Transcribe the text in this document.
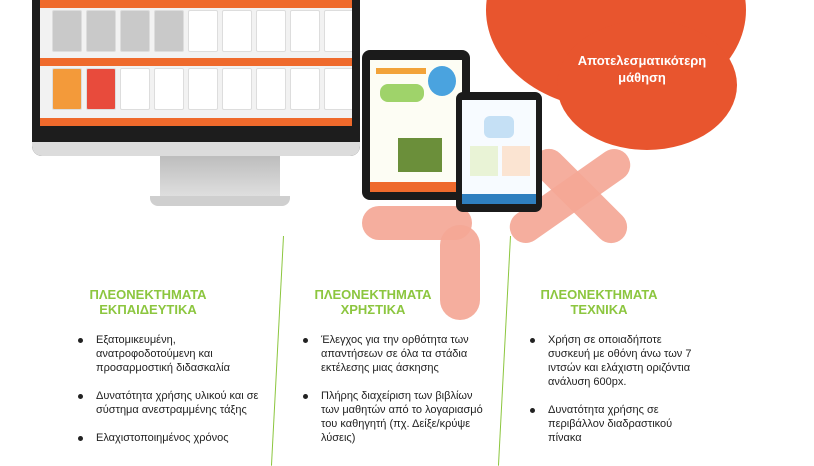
Αποτελεσματικότερη μάθηση
ΠΛΕΟΝΕΚΤΗΜΑΤΑ
ΕΚΠΑΙΔΕΥΤΙΚΑ
Εξατομικευμένη, ανατροφοδοτούμενη και προσαρμοστική διδασκαλία
Δυνατότητα χρήσης υλικού και σε σύστημα ανεστραμμένης τάξης
Ελαχιστοποιημένος χρόνος
ΠΛΕΟΝΕΚΤΗΜΑΤΑ
ΧΡΗΣΤΙΚΑ
Έλεγχος για την ορθότητα των απαντήσεων σε όλα τα στάδια εκτέλεσης μιας άσκησης
Πλήρης διαχείριση των βιβλίων των μαθητών από το λογαριασμό του καθηγητή (πχ. Δείξε/κρύψε λύσεις)
ΠΛΕΟΝΕΚΤΗΜΑΤΑ
ΤΕΧΝΙΚΑ
Χρήση σε οποιαδήποτε συσκευή με οθόνη άνω των 7 ιντσών και ελάχιστη οριζόντια ανάλυση 600px.
Δυνατότητα χρήσης σε περιβάλλον διαδραστικού πίνακα
